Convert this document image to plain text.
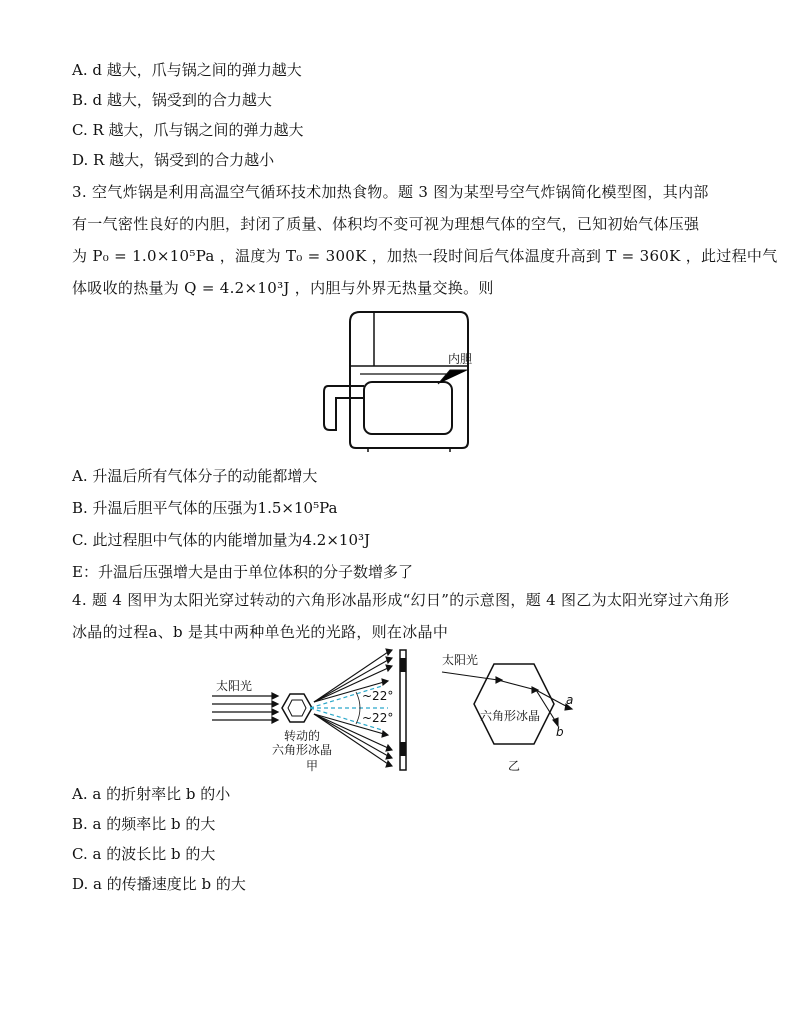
A. d 越大，爪与锅之间的弹力越大
B. d 越大，锅受到的合力越大
C. R 越大，爪与锅之间的弹力越大
D. R 越大，锅受到的合力越小
3. 空气炸锅是利用高温空气循环技术加热食物。题 3 图为某型号空气炸锅简化模型图，其内部
有一气密性良好的内胆，封闭了质量、体积均不变可视为理想气体的空气，已知初始气体压强
为 P₀ = 1.0×10⁵Pa ，温度为 T₀ = 300K ，加热一段时间后气体温度升高到 T = 360K ，此过程中气
体吸收的热量为 Q = 4.2×10³J ，内胆与外界无热量交换。则
内胆
A. 升温后所有气体分子的动能都增大
B. 升温后胆平气体的压强为1.5×10⁵Pa
C. 此过程胆中气体的内能增加量为4.2×10³J
E：升温后压强增大是由于单位体积的分子数增多了
4. 题 4 图甲为太阳光穿过转动的六角形冰晶形成“幻日”的示意图，题 4 图乙为太阳光穿过六角形
冰晶的过程a、b 是其中两种单色光的光路，则在冰晶中
太阳光
~22°
~22°
转动的
六角形冰晶
甲
太阳光
a
b
六角形冰晶
乙
A. a 的折射率比 b 的小
B. a 的频率比 b 的大
C. a 的波长比 b 的大
D. a 的传播速度比 b 的大
